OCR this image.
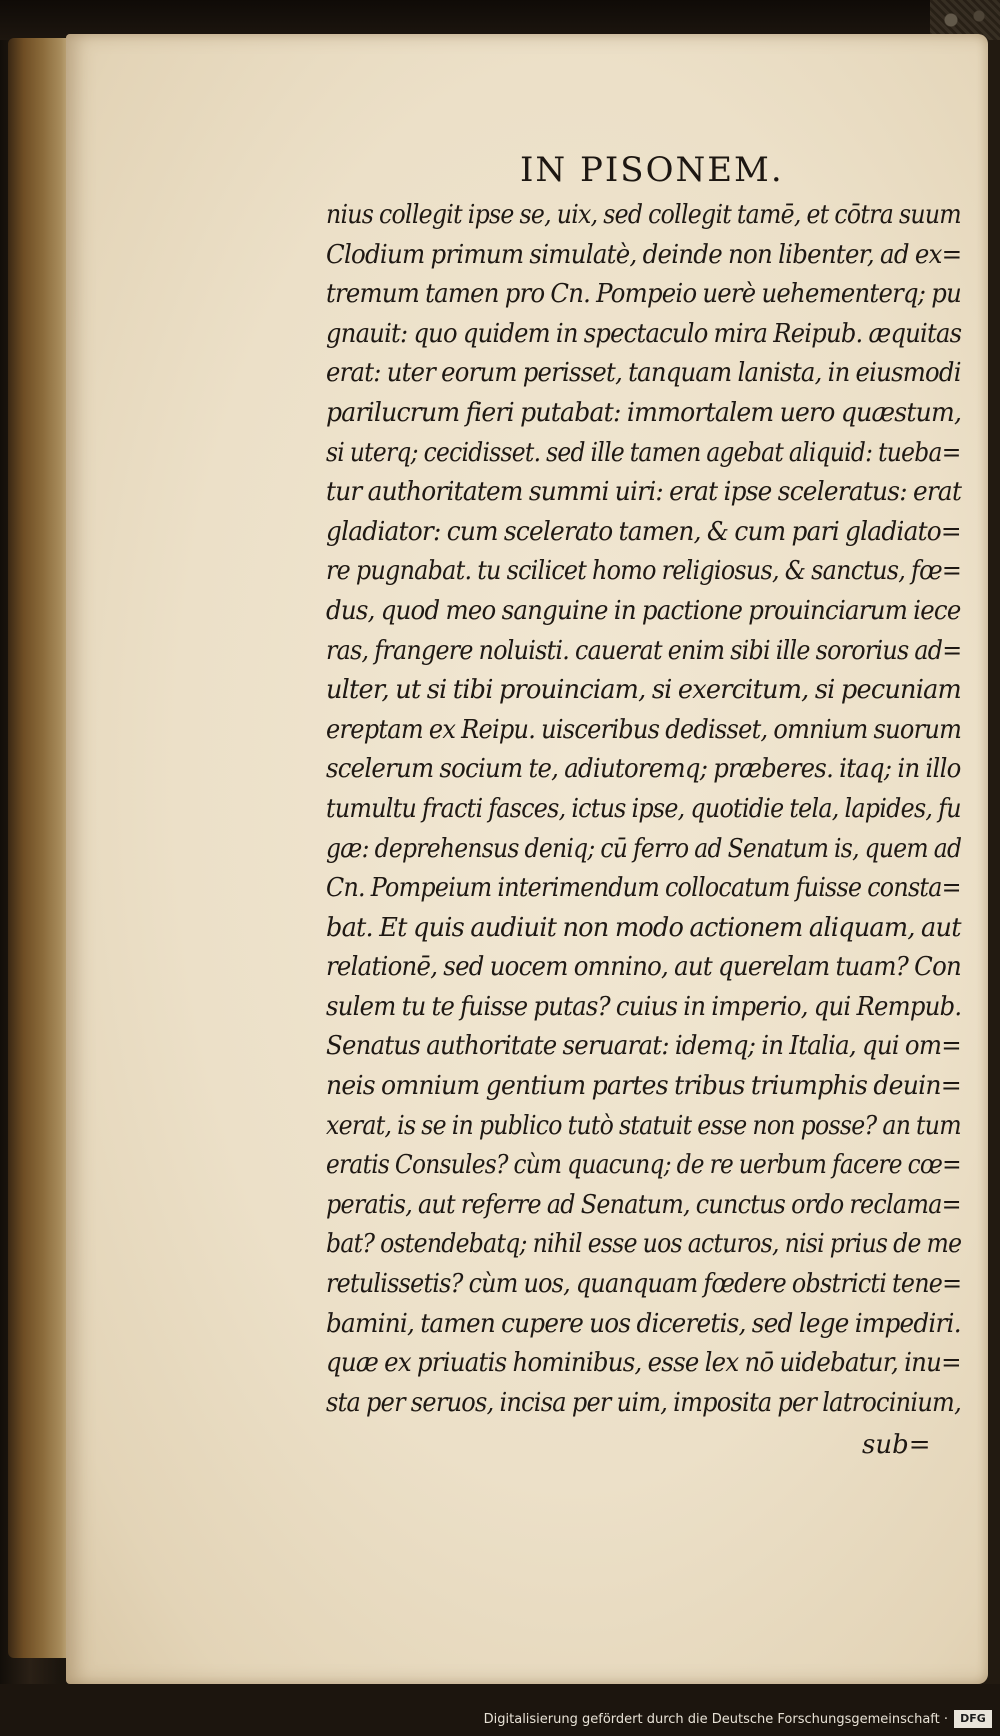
IN PISONEM.
nius collegit ipse se, uix, sed collegit tamē, et cōtra suum
Clodium primum simulatè, deinde non libenter, ad ex=
tremum tamen pro Cn. Pompeio uerè uehementerq; pu
gnauit: quo quidem in spectaculo mira Reipub. æquitas
erat: uter eorum perisset, tanquam lanista, in eiusmodi
parilucrum fieri putabat: immortalem uero quæstum,
si uterq; cecidisset. sed ille tamen agebat aliquid: tueba=
tur authoritatem summi uiri: erat ipse sceleratus: erat
gladiator: cum scelerato tamen, & cum pari gladiato=
re pugnabat. tu scilicet homo religiosus, & sanctus, fœ=
dus, quod meo sanguine in pactione prouinciarum iece
ras, frangere noluisti. cauerat enim sibi ille sororius ad=
ulter, ut si tibi prouinciam, si exercitum, si pecuniam
ereptam ex Reipu. uisceribus dedisset, omnium suorum
scelerum socium te, adiutoremq; præberes. itaq; in illo
tumultu fracti fasces, ictus ipse, quotidie tela, lapides, fu
gæ: deprehensus deniq; cū ferro ad Senatum is, quem ad
Cn. Pompeium interimendum collocatum fuisse consta=
bat. Et quis audiuit non modo actionem aliquam, aut
relationē, sed uocem omnino, aut querelam tuam? Con
sulem tu te fuisse putas? cuius in imperio, qui Rempub.
Senatus authoritate seruarat: idemq; in Italia, qui om=
neis omnium gentium partes tribus triumphis deuin=
xerat, is se in publico tutò statuit esse non posse? an tum
eratis Consules? cùm quacunq; de re uerbum facere cœ=
peratis, aut referre ad Senatum, cunctus ordo reclama=
bat? ostendebatq; nihil esse uos acturos, nisi prius de me
retulissetis? cùm uos, quanquam fœdere obstricti tene=
bamini, tamen cupere uos diceretis, sed lege impediri.
quæ ex priuatis hominibus, esse lex nō uidebatur, inu=
sta per seruos, incisa per uim, imposita per latrocinium,
sub=
Digitalisierung gefördert durch die Deutsche Forschungsgemeinschaft ·	DFG
